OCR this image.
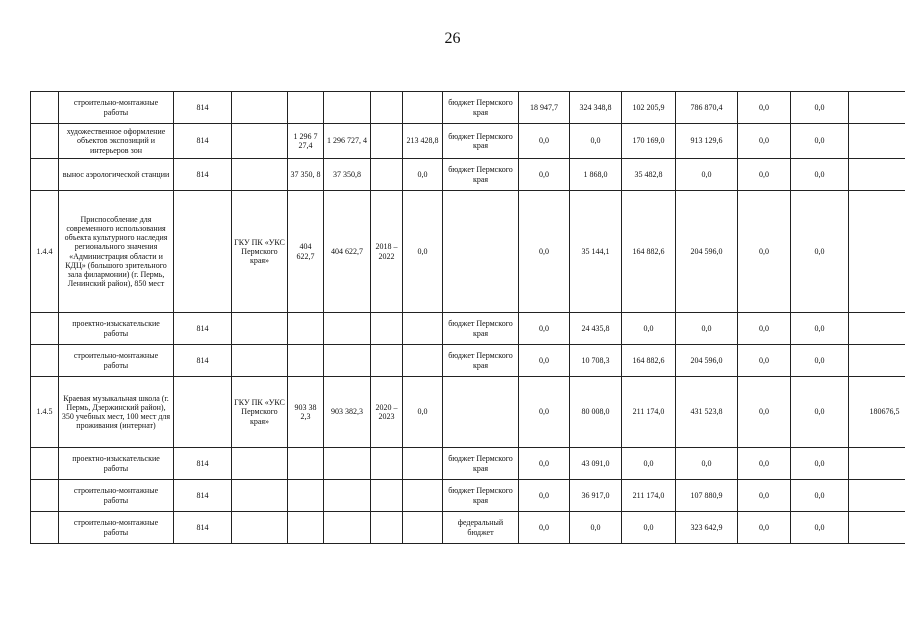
26
	строительно-монтажные работы	814						бюджет Пермского края	18 947,7	324 348,8	102 205,9	786 870,4	0,0	0,0	
	художественное оформление объектов экспозиций и интерьеров зон	814		1 296 7 27,4	1 296 727, 4		213 428,8	бюджет Пермского края	0,0	0,0	170 169,0	913 129,6	0,0	0,0	
	вынос аэрологической станции	814		37 350, 8	37 350,8		0,0	бюджет Пермского края	0,0	1 868,0	35 482,8	0,0	0,0	0,0	
1.4.4	Приспособление для современного использования объекта культурного наследия регионального значения «Администрация области и КДЦ» (большого зрительного зала филармонии) (г. Пермь, Ленинский район), 850 мест		ГКУ ПК «УКС Пермского края»	404 622,7	404 622,7	2018 – 2022	0,0		0,0	35 144,1	164 882,6	204 596,0	0,0	0,0	
	проектно-изыскательские работы	814						бюджет Пермского края	0,0	24 435,8	0,0	0,0	0,0	0,0	
	строительно-монтажные работы	814						бюджет Пермского края	0,0	10 708,3	164 882,6	204 596,0	0,0	0,0	
1.4.5	Краевая музыкальная школа (г. Пермь, Дзержинский район), 350 учебных мест, 100 мест для проживания (интернат)		ГКУ ПК «УКС Пермского края»	903 38 2,3	903 382,3	2020 – 2023	0,0		0,0	80 008,0	211 174,0	431 523,8	0,0	0,0	180676,5
	проектно-изыскательские работы	814						бюджет Пермского края	0,0	43 091,0	0,0	0,0	0,0	0,0	
	строительно-монтажные работы	814						бюджет Пермского края	0,0	36 917,0	211 174,0	107 880,9	0,0	0,0	
	строительно-монтажные работы	814						федеральный бюджет	0,0	0,0	0,0	323 642,9	0,0	0,0	
